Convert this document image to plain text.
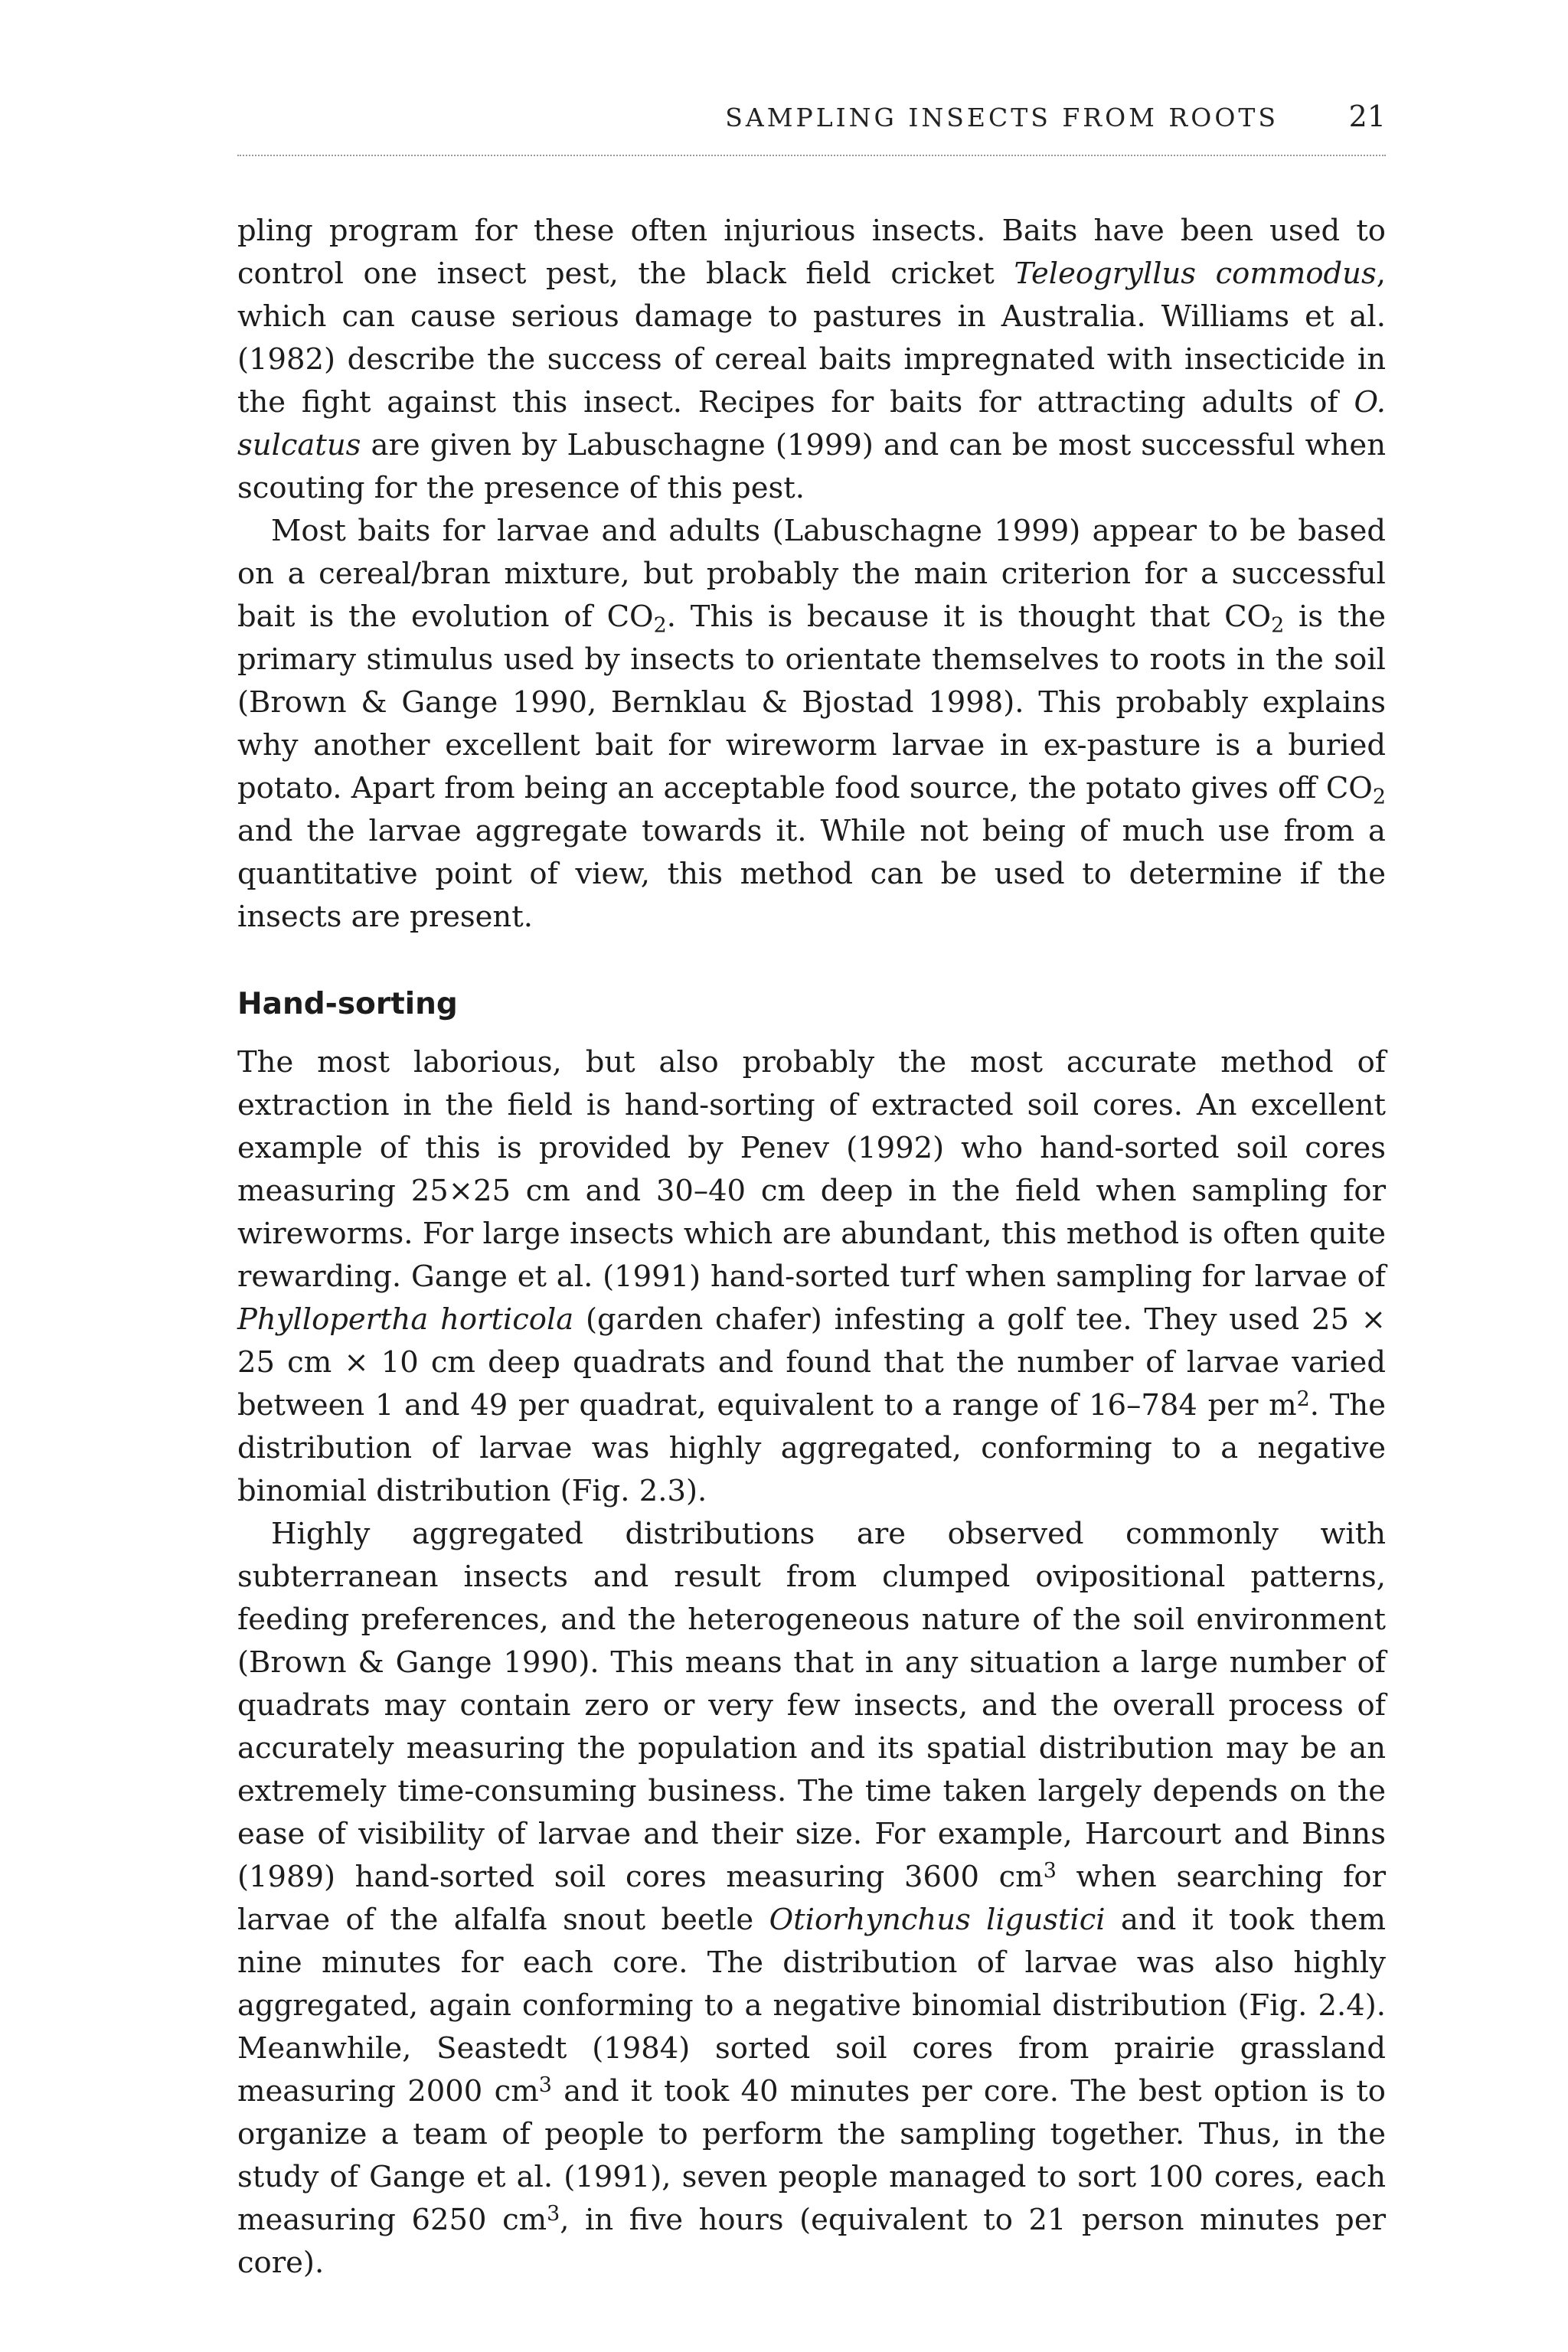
SAMPLING INSECTS FROM ROOTS 21

pling program for these often injurious insects. Baits have been used to control one insect pest, the black field cricket Teleogryllus commodus, which can cause serious damage to pastures in Australia. Williams et al. (1982) describe the success of cereal baits impregnated with insecticide in the fight against this insect. Recipes for baits for attracting adults of O. sulcatus are given by Labuschagne (1999) and can be most successful when scouting for the presence of this pest.

Most baits for larvae and adults (Labuschagne 1999) appear to be based on a cereal/bran mixture, but probably the main criterion for a successful bait is the evolution of $CO_2$. This is because it is thought that $CO_2$ is the primary stimulus used by insects to orientate themselves to roots in the soil (Brown & Gange 1990, Bernklau & Bjostad 1998). This probably explains why another excellent bait for wireworm larvae in ex-pasture is a buried potato. Apart from being an acceptable food source, the potato gives off $CO_2$ and the larvae aggregate towards it. While not being of much use from a quantitative point of view, this method can be used to determine if the insects are present.

Hand-sorting

The most laborious, but also probably the most accurate method of extraction in the field is hand-sorting of extracted soil cores. An excellent example of this is provided by Penev (1992) who hand-sorted soil cores measuring 25×25 cm and 30–40 cm deep in the field when sampling for wireworms. For large insects which are abundant, this method is often quite rewarding. Gange et al. (1991) hand-sorted turf when sampling for larvae of Phyllopertha horticola (garden chafer) infesting a golf tee. They used 25 × 25 cm × 10 cm deep quadrats and found that the number of larvae varied between 1 and 49 per quadrat, equivalent to a range of 16–784 per $m^2$. The distribution of larvae was highly aggregated, conforming to a negative binomial distribution (Fig. 2.3).

Highly aggregated distributions are observed commonly with subterranean insects and result from clumped ovipositional patterns, feeding preferences, and the heterogeneous nature of the soil environment (Brown & Gange 1990). This means that in any situation a large number of quadrats may contain zero or very few insects, and the overall process of accurately measuring the population and its spatial distribution may be an extremely time-consuming business. The time taken largely depends on the ease of visibility of larvae and their size. For example, Harcourt and Binns (1989) hand-sorted soil cores measuring 3600 $cm^3$ when searching for larvae of the alfalfa snout beetle Otiorhynchus ligustici and it took them nine minutes for each core. The distribution of larvae was also highly aggregated, again conforming to a negative binomial distribution (Fig. 2.4). Meanwhile, Seastedt (1984) sorted soil cores from prairie grassland measuring 2000 $cm^3$ and it took 40 minutes per core. The best option is to organize a team of people to perform the sampling together. Thus, in the study of Gange et al. (1991), seven people managed to sort 100 cores, each measuring 6250 $cm^3$, in five hours (equivalent to 21 person minutes per core).
